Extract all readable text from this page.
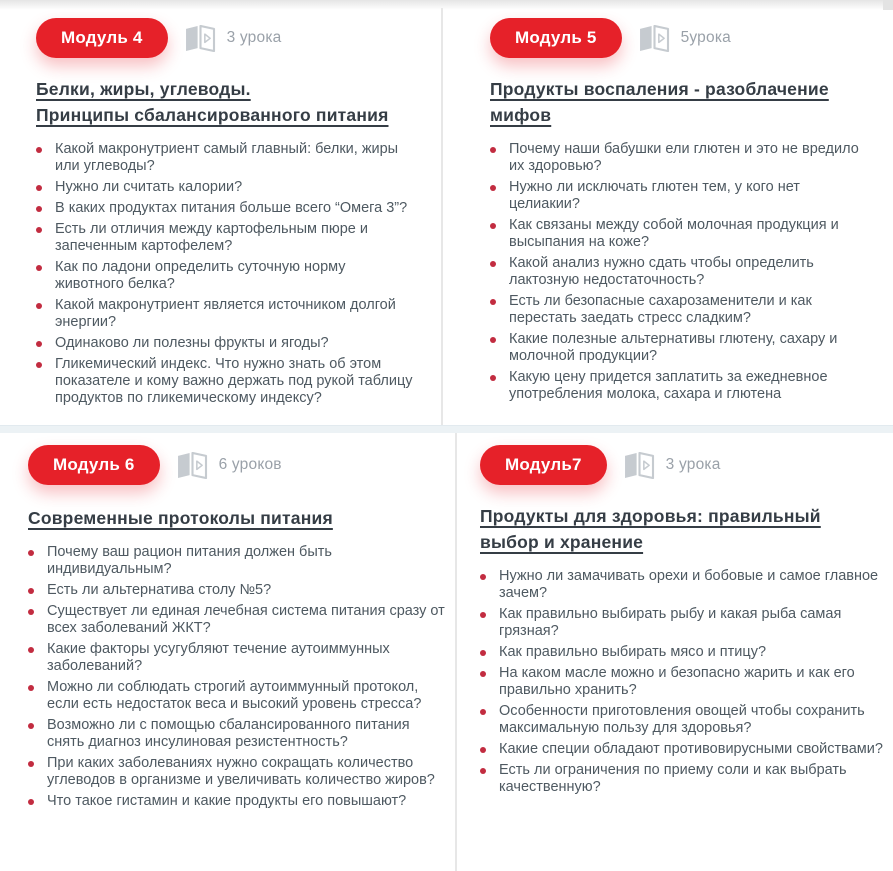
Модуль 4	3 урока
Белки, жиры, углеводы.
Принципы сбалансированного питания
Какой макронутриент самый главный: белки, жиры или углеводы?
Нужно ли считать калории?
В каких продуктах питания больше всего “Омега 3”?
Есть ли отличия между картофельным пюре и запеченным картофелем?
Как по ладони определить суточную норму животного белка?
Какой макронутриент является источником долгой энергии?
Одинаково ли полезны фрукты и ягоды?
Гликемический индекс. Что нужно знать об этом показателе и кому важно держать под рукой таблицу продуктов по гликемическому индексу?
Модуль 5	5урока
Продукты воспаления - разоблачение
мифов
Почему наши бабушки ели глютен и это не вредило их здоровью?
Нужно ли исключать глютен тем, у кого нет целиакии?
Как связаны между собой молочная продукция и высыпания на коже?
Какой анализ нужно сдать чтобы определить лактозную недостаточность?
Есть ли безопасные сахарозаменители и как перестать заедать стресс сладким?
Какие полезные альтернативы глютену, сахару и молочной продукции?
Какую цену придется заплатить за ежедневное употребления молока, сахара и глютена
Модуль 6	6 уроков
Современные протоколы питания
Почему ваш рацион питания должен быть индивидуальным?
Есть ли альтернатива столу №5?
Существует ли единая лечебная система питания сразу от всех заболеваний ЖКТ?
Какие факторы усугубляют течение аутоиммунных заболеваний?
Можно ли соблюдать строгий аутоиммунный протокол, если есть недостаток веса и высокий уровень стресса?
Возможно ли с помощью сбалансированного питания снять диагноз инсулиновая резистентность?
При каких заболеваниях нужно сокращать количество углеводов в организме и увеличивать количество жиров?
Что такое гистамин и какие продукты его повышают?
Модуль7	3 урока
Продукты для здоровья: правильный
выбор и хранение
Нужно ли замачивать орехи и бобовые и самое главное зачем?
Как правильно выбирать рыбу и какая рыба самая грязная?
Как правильно выбирать мясо и птицу?
На каком масле можно и безопасно жарить и как его правильно хранить?
Особенности приготовления овощей чтобы сохранить максимальную пользу для здоровья?
Какие специи обладают противовирусными свойствами?
Есть ли ограничения по приему соли и как выбрать качественную?
